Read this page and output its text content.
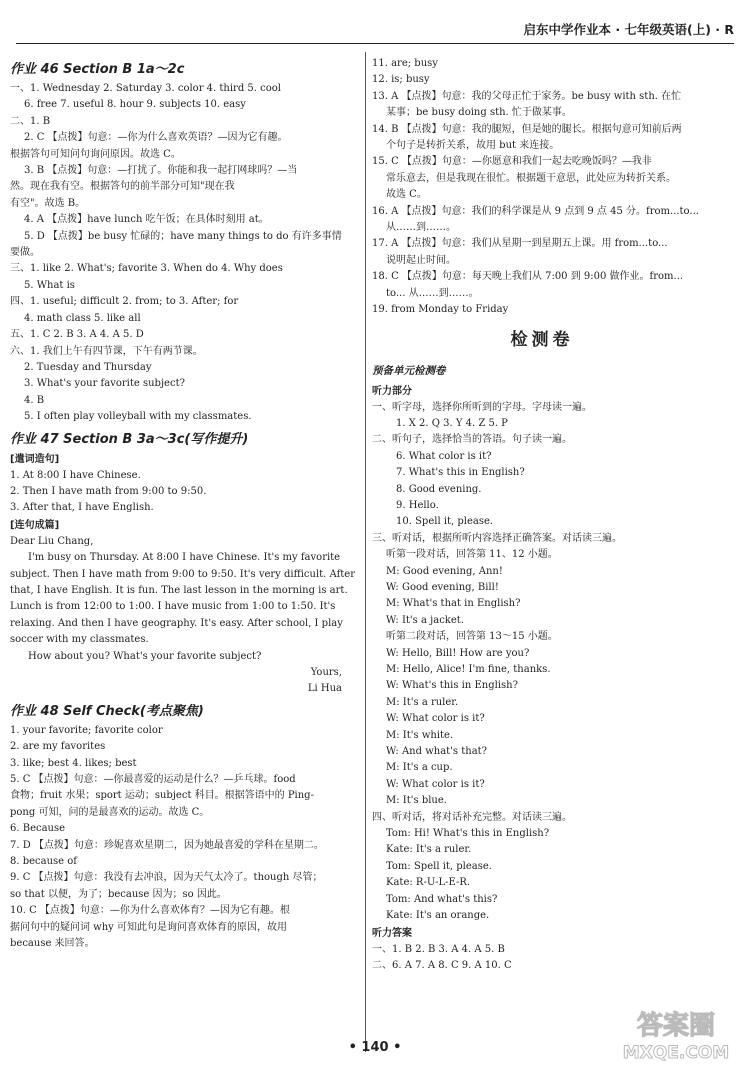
启东中学作业本 · 七年级英语(上) · R
作业 46 Section B 1a～2c
一、1. Wednesday 2. Saturday 3. color 4. third 5. cool
6. free 7. useful 8. hour 9. subjects 10. easy
二、1. B
2. C 【点拨】句意：—你为什么喜欢英语？—因为它有趣。
根据答句可知问句询问原因。故选 C。
3. B 【点拨】句意：—打扰了。你能和我一起打网球吗？—当
然。现在我有空。根据答句的前半部分可知"现在我
有空"。故选 B。
4. A 【点拨】have lunch 吃午饭；在具体时刻用 at。
5. D 【点拨】be busy 忙碌的；have many things to do 有许多事情
要做。
三、1. like 2. What's; favorite 3. When do 4. Why does
5. What is
四、1. useful; difficult 2. from; to 3. After; for
4. math class 5. like all
五、1. C 2. B 3. A 4. A 5. D
六、1. 我们上午有四节课，下午有两节课。
2. Tuesday and Thursday
3. What's your favorite subject?
4. B
5. I often play volleyball with my classmates.
作业 47 Section B 3a～3c(写作提升)
[遣词造句]
1. At 8:00 I have Chinese.
2. Then I have math from 9:00 to 9:50.
3. After that, I have English.
[连句成篇]
Dear Liu Chang,
I'm busy on Thursday. At 8:00 I have Chinese. It's my favorite
subject. Then I have math from 9:00 to 9:50. It's very difficult. After
that, I have English. It is fun. The last lesson in the morning is art.
Lunch is from 12:00 to 1:00. I have music from 1:00 to 1:50. It's
relaxing. And then I have geography. It's easy. After school, I play
soccer with my classmates.
How about you? What's your favorite subject?
Yours,
Li Hua
作业 48 Self Check(考点聚焦)
1. your favorite; favorite color
2. are my favorites
3. like; best 4. likes; best
5. C 【点拨】句意：—你最喜爱的运动是什么？—乒乓球。food
食物；fruit 水果；sport 运动；subject 科目。根据答语中的 Ping-
pong 可知，问的是最喜欢的运动。故选 C。
6. Because
7. D 【点拨】句意：珍妮喜欢星期二，因为她最喜爱的学科在星期二。
8. because of
9. C 【点拨】句意：我没有去冲浪，因为天气太冷了。though 尽管；
so that 以便，为了；because 因为；so 因此。
10. C 【点拨】句意：—你为什么喜欢体育？—因为它有趣。根
据问句中的疑问词 why 可知此句是询问喜欢体育的原因，故用
because 来回答。
11. are; busy
12. is; busy
13. A 【点拨】句意：我的父母正忙于家务。be busy with sth. 在忙
某事；be busy doing sth. 忙于做某事。
14. B 【点拨】句意：我的腿短，但是她的腿长。根据句意可知前后两
个句子是转折关系，故用 but 来连接。
15. C 【点拨】句意：—你愿意和我们一起去吃晚饭吗？—我非
常乐意去，但是我现在很忙。根据题干意思，此处应为转折关系。
故选 C。
16. A 【点拨】句意：我们的科学课是从 9 点到 9 点 45 分。from...to...
从……到……。
17. A 【点拨】句意：我们从星期一到星期五上课。用 from...to...
说明起止时间。
18. C 【点拨】句意：每天晚上我们从 7:00 到 9:00 做作业。from...
to... 从……到……。
19. from Monday to Friday
检测卷
预备单元检测卷
听力部分
一、听字母，选择你所听到的字母。字母读一遍。
1. X 2. Q 3. Y 4. Z 5. P
二、听句子，选择恰当的答语。句子读一遍。
6. What color is it?
7. What's this in English?
8. Good evening.
9. Hello.
10. Spell it, please.
三、听对话，根据所听内容选择正确答案。对话读三遍。
听第一段对话，回答第 11、12 小题。
M: Good evening, Ann!
W: Good evening, Bill!
M: What's that in English?
W: It's a jacket.
听第二段对话，回答第 13～15 小题。
W: Hello, Bill! How are you?
M: Hello, Alice! I'm fine, thanks.
W: What's this in English?
M: It's a ruler.
W: What color is it?
M: It's white.
W: And what's that?
M: It's a cup.
W: What color is it?
M: It's blue.
四、听对话，将对话补充完整。对话读三遍。
Tom: Hi! What's this in English?
Kate: It's a ruler.
Tom: Spell it, please.
Kate: R-U-L-E-R.
Tom: And what's this?
Kate: It's an orange.
听力答案
一、1. B 2. B 3. A 4. A 5. B
二、6. A 7. A 8. C 9. A 10. C
• 140 •
答案圈
MXQE.COM
